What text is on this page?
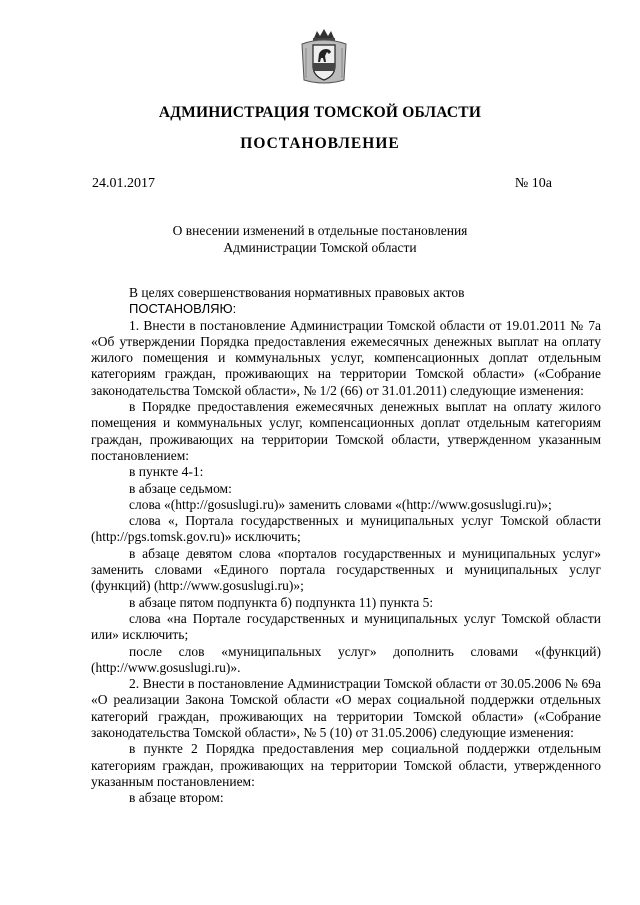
АДМИНИСТРАЦИЯ ТОМСКОЙ ОБЛАСТИ
ПОСТАНОВЛЕНИЕ
24.01.2017	№ 10а
О внесении изменений в отдельные постановления
Администрации Томской области

В целях совершенствования нормативных правовых актов

ПОСТАНОВЛЯЮ:

1. Внести в постановление Администрации Томской области от 19.01.2011 № 7а «Об утверждении Порядка предоставления ежемесячных денежных выплат на оплату жилого помещения и коммунальных услуг, компенсационных доплат отдельным категориям граждан, проживающих на территории Томской области» («Собрание законодательства Томской области», № 1/2 (66) от 31.01.2011) следующие изменения:

в Порядке предоставления ежемесячных денежных выплат на оплату жилого помещения и коммунальных услуг, компенсационных доплат отдельным категориям граждан, проживающих на территории Томской области, утвержденном указанным постановлением:

в пункте 4-1:

в абзаце седьмом:

слова «(http://gosuslugi.ru)» заменить словами «(http://www.gosuslugi.ru)»;

слова «, Портала государственных и муниципальных услуг Томской области (http://pgs.tomsk.gov.ru)» исключить;

в абзаце девятом слова «порталов государственных и муниципальных услуг» заменить словами «Единого портала государственных и муниципальных услуг (функций) (http://www.gosuslugi.ru)»;

в абзаце пятом подпункта б) подпункта 11) пункта 5:

слова «на Портале государственных и муниципальных услуг Томской области или» исключить;

после слов «муниципальных услуг» дополнить словами «(функций) (http://www.gosuslugi.ru)».

2. Внести в постановление Администрации Томской области от 30.05.2006 № 69а «О реализации Закона Томской области «О мерах социальной поддержки отдельных категорий граждан, проживающих на территории Томской области» («Собрание законодательства Томской области», № 5 (10) от 31.05.2006) следующие изменения:

в пункте 2 Порядка предоставления мер социальной поддержки отдельным категориям граждан, проживающих на территории Томской области, утвержденного указанным постановлением:

в абзаце втором:
